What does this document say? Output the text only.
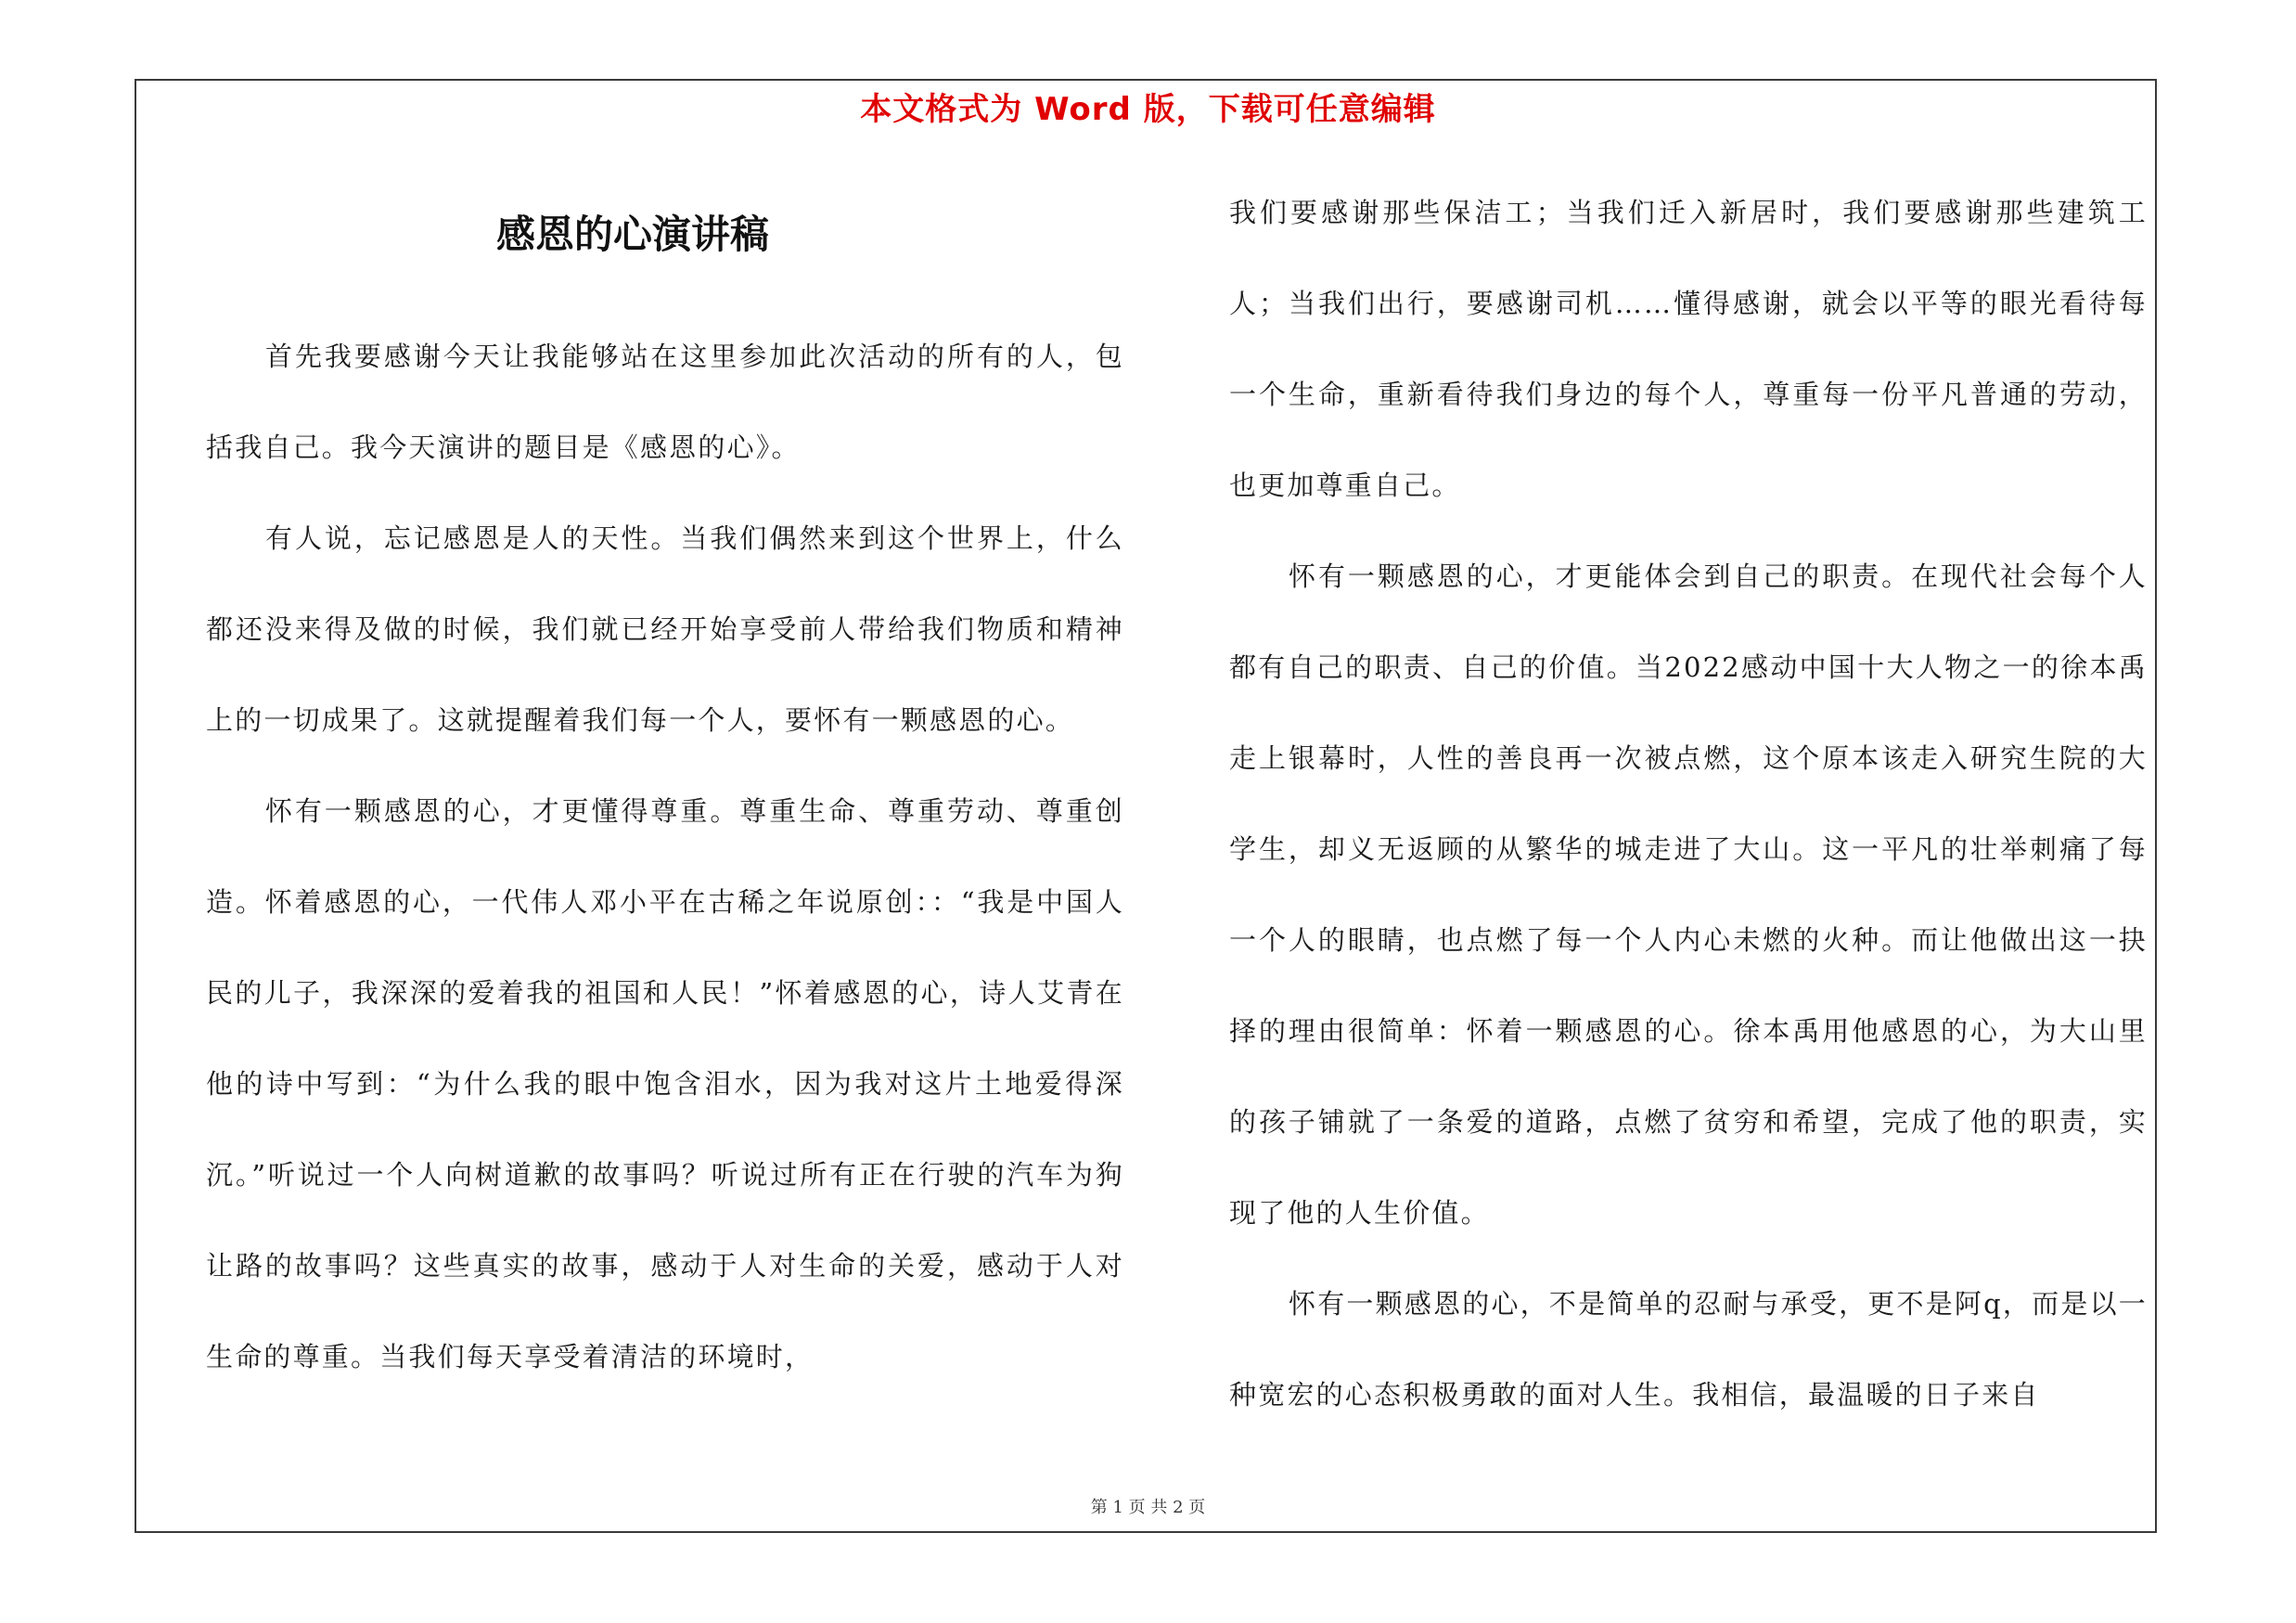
本文格式为 Word 版，下载可任意编辑
感恩的心演讲稿

首先我要感谢今天让我能够站在这里参加此次活动的所有的人，包括我自己。我今天演讲的题目是《感恩的心》。

有人说，忘记感恩是人的天性。当我们偶然来到这个世界上，什么都还没来得及做的时候，我们就已经开始享受前人带给我们物质和精神上的一切成果了。这就提醒着我们每一个人，要怀有一颗感恩的心。

怀有一颗感恩的心，才更懂得尊重。尊重生命、尊重劳动、尊重创造。怀着感恩的心，一代伟人邓小平在古稀之年说原创：：“我是中国人民的儿子，我深深的爱着我的祖国和人民！”怀着感恩的心，诗人艾青在他的诗中写到：“为什么我的眼中饱含泪水，因为我对这片土地爱得深沉。”听说过一个人向树道歉的故事吗？听说过所有正在行驶的汽车为狗让路的故事吗？这些真实的故事，感动于人对生命的关爱，感动于人对生命的尊重。当我们每天享受着清洁的环境时，

我们要感谢那些保洁工；当我们迁入新居时，我们要感谢那些建筑工人；当我们出行，要感谢司机……懂得感谢，就会以平等的眼光看待每一个生命，重新看待我们身边的每个人，尊重每一份平凡普通的劳动，也更加尊重自己。

怀有一颗感恩的心，才更能体会到自己的职责。在现代社会每个人都有自己的职责、自己的价值。当2022感动中国十大人物之一的徐本禹走上银幕时，人性的善良再一次被点燃，这个原本该走入研究生院的大学生，却义无返顾的从繁华的城走进了大山。这一平凡的壮举刺痛了每一个人的眼睛，也点燃了每一个人内心未燃的火种。而让他做出这一抉择的理由很简单：怀着一颗感恩的心。徐本禹用他感恩的心，为大山里的孩子铺就了一条爱的道路，点燃了贫穷和希望，完成了他的职责，实现了他的人生价值。

怀有一颗感恩的心，不是简单的忍耐与承受，更不是阿q，而是以一种宽宏的心态积极勇敢的面对人生。我相信，最温暖的日子来自

第 1 页 共 2 页
